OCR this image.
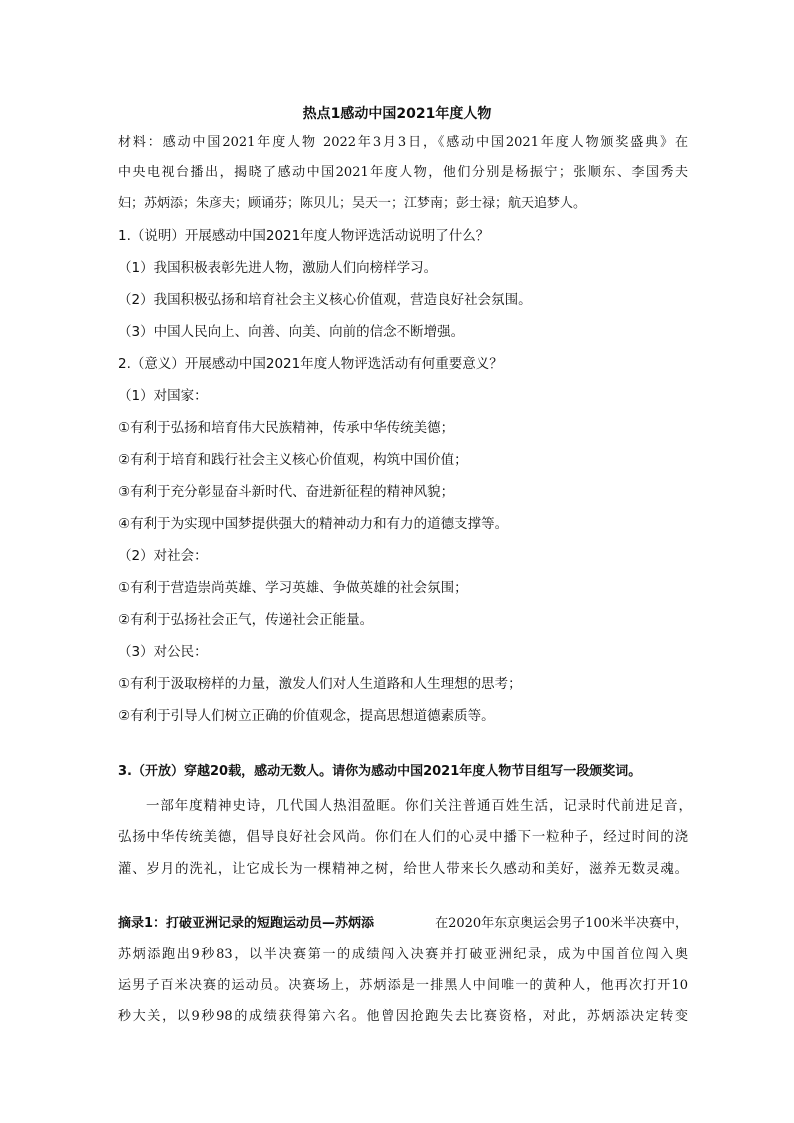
热点1感动中国2021年度人物
材料：感动中国2021年度人物 2022年3月3日，《感动中国2021年度人物颁奖盛典》在
中央电视台播出，揭晓了感动中国2021年度人物，他们分别是杨振宁；张顺东、李国秀夫
妇；苏炳添；朱彦夫；顾诵芬；陈贝儿；吴天一；江梦南；彭士禄；航天追梦人。
1.（说明）开展感动中国2021年度人物评选活动说明了什么？
（1）我国积极表彰先进人物，激励人们向榜样学习。
（2）我国积极弘扬和培育社会主义核心价值观，营造良好社会氛围。
（3）中国人民向上、向善、向美、向前的信念不断增强。
2.（意义）开展感动中国2021年度人物评选活动有何重要意义？
（1）对国家：
①有利于弘扬和培育伟大民族精神，传承中华传统美德；
②有利于培育和践行社会主义核心价值观，构筑中国价值；
③有利于充分彰显奋斗新时代、奋进新征程的精神风貌；
④有利于为实现中国梦提供强大的精神动力和有力的道德支撑等。
（2）对社会：
①有利于营造崇尚英雄、学习英雄、争做英雄的社会氛围；
②有利于弘扬社会正气，传递社会正能量。
（3）对公民：
①有利于汲取榜样的力量，激发人们对人生道路和人生理想的思考；
②有利于引导人们树立正确的价值观念，提高思想道德素质等。
3.（开放）穿越20载，感动无数人。请你为感动中国2021年度人物节目组写一段颁奖词。
一部年度精神史诗，几代国人热泪盈眶。你们关注普通百姓生活，记录时代前进足音，
弘扬中华传统美德，倡导良好社会风尚。你们在人们的心灵中播下一粒种子，经过时间的浇
灌、岁月的洗礼，让它成长为一棵精神之树，给世人带来长久感动和美好，滋养无数灵魂。
摘录1：打破亚洲记录的短跑运动员—苏炳添	在2020年东京奥运会男子100米半决赛中，
苏炳添跑出9秒83，以半决赛第一的成绩闯入决赛并打破亚洲纪录，成为中国首位闯入奥
运男子百米决赛的运动员。决赛场上，苏炳添是一排黑人中间唯一的黄种人，他再次打开10
秒大关，以9秒98的成绩获得第六名。他曾因抢跑失去比赛资格，对此，苏炳添决定转变
